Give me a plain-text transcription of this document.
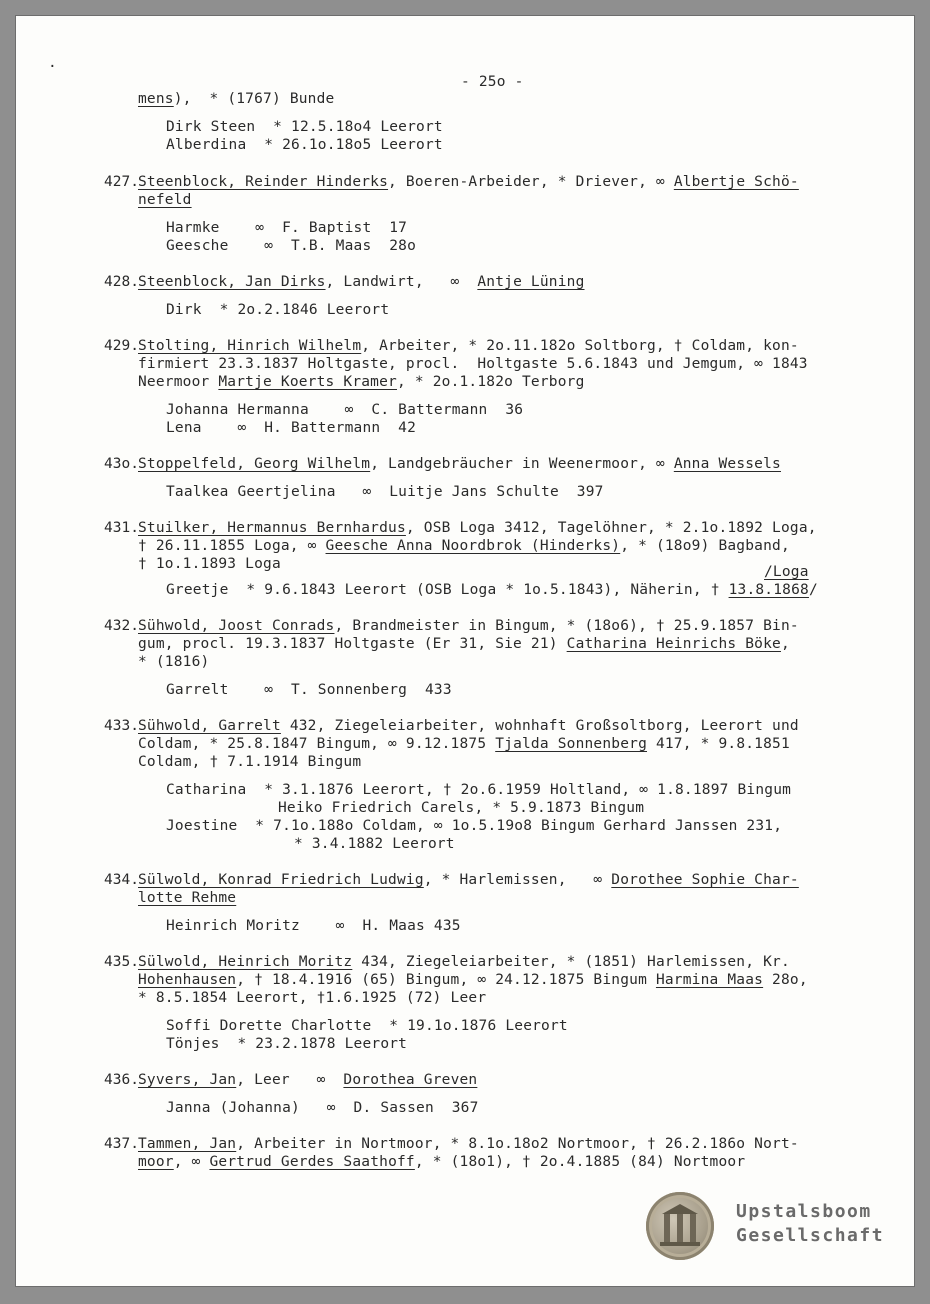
·
mens),  * (1767) Bunde
Dirk Steen  * 12.5.18o4 Leerort
Alberdina  * 26.1o.18o5 Leerort
427. Steenblock, Reinder Hinderks, Boeren-Arbeider, * Driever, ∞ Albertje Schö-
nefeld
Harmke    ∞  F. Baptist  17
Geesche    ∞  T.B. Maas  28o
428. Steenblock, Jan Dirks, Landwirt,   ∞  Antje Lüning
Dirk  * 2o.2.1846 Leerort
429. Stolting, Hinrich Wilhelm, Arbeiter, * 2o.11.182o Soltborg, † Coldam, kon-
firmiert 23.3.1837 Holtgaste, procl.  Holtgaste 5.6.1843 und Jemgum, ∞ 1843
Neermoor Martje Koerts Kramer, * 2o.1.182o Terborg
Johanna Hermanna    ∞  C. Battermann  36
Lena    ∞  H. Battermann  42
43o. Stoppelfeld, Georg Wilhelm, Landgebräucher in Weenermoor, ∞ Anna Wessels
Taalkea Geertjelina   ∞  Luitje Jans Schulte  397
431. Stuilker, Hermannus Bernhardus, OSB Loga 3412, Tagelöhner, * 2.1o.1892 Loga,
† 26.11.1855 Loga, ∞ Geesche Anna Noordbrok (Hinderks), * (18o9) Bagband,
† 1o.1.1893 Loga	/Loga
Greetje  * 9.6.1843 Leerort (OSB Loga * 1o.5.1843), Näherin, † 13.8.1868/
432. Sühwold, Joost Conrads, Brandmeister in Bingum, * (18o6), † 25.9.1857 Bin-
gum, procl. 19.3.1837 Holtgaste (Er 31, Sie 21) Catharina Heinrichs Böke,
* (1816)
Garrelt    ∞  T. Sonnenberg  433
433. Sühwold, Garrelt 432, Ziegeleiarbeiter, wohnhaft Großsoltborg, Leerort und
Coldam, * 25.8.1847 Bingum, ∞ 9.12.1875 Tjalda Sonnenberg 417, * 9.8.1851
Coldam, † 7.1.1914 Bingum
Catharina  * 3.1.1876 Leerort, † 2o.6.1959 Holtland, ∞ 1.8.1897 Bingum
Heiko Friedrich Carels, * 5.9.1873 Bingum
Joestine  * 7.1o.188o Coldam, ∞ 1o.5.19o8 Bingum Gerhard Janssen 231,
* 3.4.1882 Leerort
434. Sülwold, Konrad Friedrich Ludwig, * Harlemissen,   ∞ Dorothee Sophie Char-
lotte Rehme
Heinrich Moritz    ∞  H. Maas 435
435. Sülwold, Heinrich Moritz 434, Ziegeleiarbeiter, * (1851) Harlemissen, Kr.
Hohenhausen, † 18.4.1916 (65) Bingum, ∞ 24.12.1875 Bingum Harmina Maas 28o,
* 8.5.1854 Leerort, †1.6.1925 (72) Leer
Soffi Dorette Charlotte  * 19.1o.1876 Leerort
Tönjes  * 23.2.1878 Leerort
436. Syvers, Jan, Leer   ∞  Dorothea Greven
Janna (Johanna)   ∞  D. Sassen  367
437. Tammen, Jan, Arbeiter in Nortmoor, * 8.1o.18o2 Nortmoor, † 26.2.186o Nort-
moor, ∞ Gertrud Gerdes Saathoff, * (18o1), † 2o.4.1885 (84) Nortmoor
- 25o -
Upstalsboom
Gesellschaft
